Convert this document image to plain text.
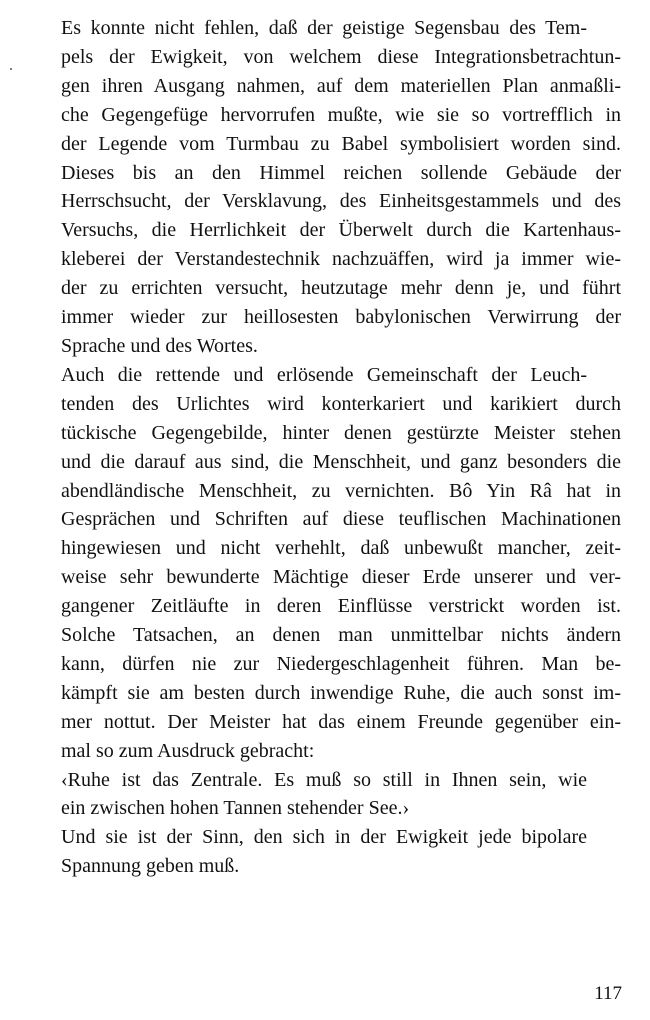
Es konnte nicht fehlen, daß der geistige Segensbau des Tem-
pels der Ewigkeit, von welchem diese Integrationsbetrachtun-
gen ihren Ausgang nahmen, auf dem materiellen Plan anmaßli-
che Gegengefüge hervorrufen mußte, wie sie so vortrefflich in
der Legende vom Turmbau zu Babel symbolisiert worden sind.
Dieses bis an den Himmel reichen sollende Gebäude der
Herrschsucht, der Versklavung, des Einheitsgestammels und des
Versuchs, die Herrlichkeit der Überwelt durch die Kartenhaus-
kleberei der Verstandestechnik nachzuäffen, wird ja immer wie-
der zu errichten versucht, heutzutage mehr denn je, und führt
immer wieder zur heillosesten babylonischen Verwirrung der
Sprache und des Wortes.

Auch die rettende und erlösende Gemeinschaft der Leuch-
tenden des Urlichtes wird konterkariert und karikiert durch
tückische Gegengebilde, hinter denen gestürzte Meister stehen
und die darauf aus sind, die Menschheit, und ganz besonders die
abendländische Menschheit, zu vernichten. Bô Yin Râ hat in
Gesprächen und Schriften auf diese teuflischen Machinationen
hingewiesen und nicht verhehlt, daß unbewußt mancher, zeit-
weise sehr bewunderte Mächtige dieser Erde unserer und ver-
gangener Zeitläufte in deren Einflüsse verstrickt worden ist.
Solche Tatsachen, an denen man unmittelbar nichts ändern
kann, dürfen nie zur Niedergeschlagenheit führen. Man be-
kämpft sie am besten durch inwendige Ruhe, die auch sonst im-
mer nottut. Der Meister hat das einem Freunde gegenüber ein-
mal so zum Ausdruck gebracht:

‹Ruhe ist das Zentrale. Es muß so still in Ihnen sein, wie
ein zwischen hohen Tannen stehender See.›

Und sie ist der Sinn, den sich in der Ewigkeit jede bipolare
Spannung geben muß.

117
